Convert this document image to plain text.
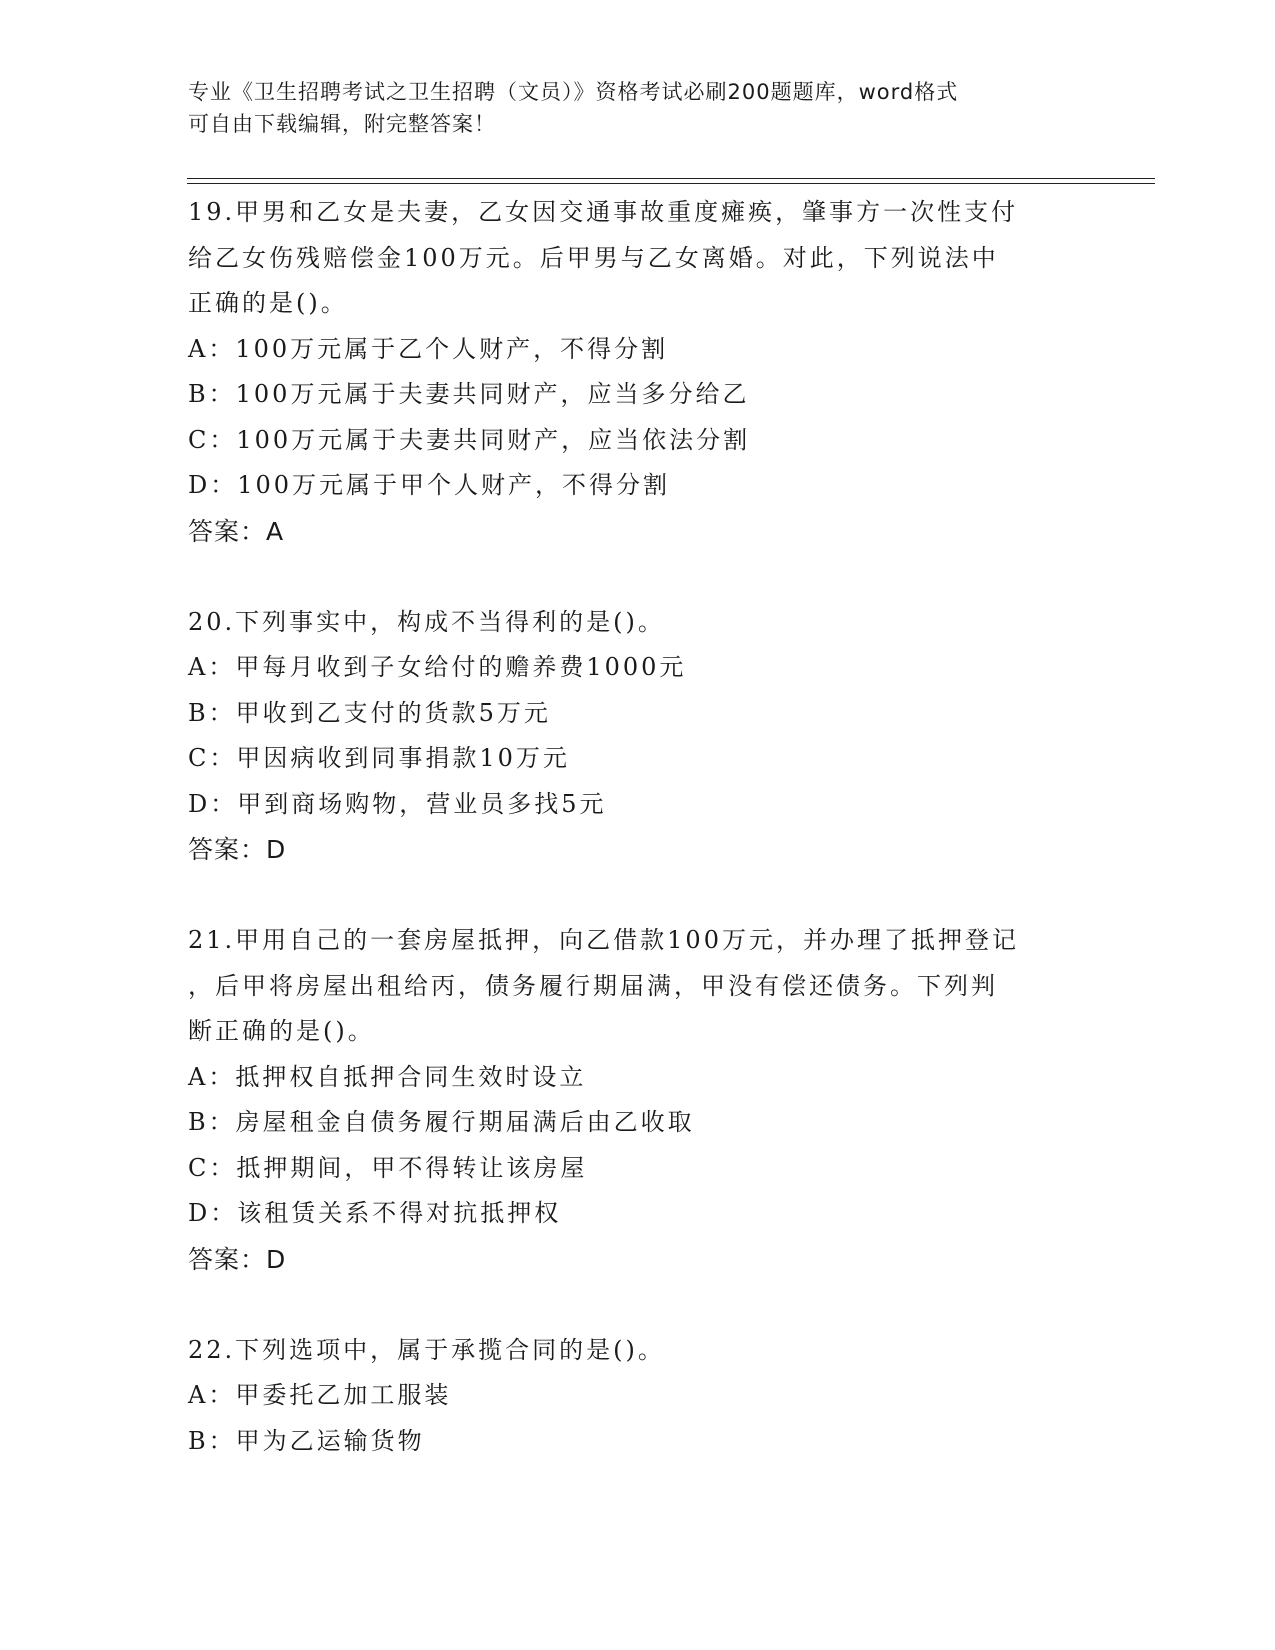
专业《卫生招聘考试之卫生招聘（文员）》资格考试必刷200题题库，word格式
可自由下载编辑，附完整答案！
19.甲男和乙女是夫妻，乙女因交通事故重度瘫痪，肇事方一次性支付
给乙女伤残赔偿金100万元。后甲男与乙女离婚。对此，下列说法中
正确的是()。
A：100万元属于乙个人财产，不得分割
B：100万元属于夫妻共同财产，应当多分给乙
C：100万元属于夫妻共同财产，应当依法分割
D：100万元属于甲个人财产，不得分割
答案：A
20.下列事实中，构成不当得利的是()。
A：甲每月收到子女给付的赡养费1000元
B：甲收到乙支付的货款5万元
C：甲因病收到同事捐款10万元
D：甲到商场购物，营业员多找5元
答案：D
21.甲用自己的一套房屋抵押，向乙借款100万元，并办理了抵押登记
，后甲将房屋出租给丙，债务履行期届满，甲没有偿还债务。下列判
断正确的是()。
A：抵押权自抵押合同生效时设立
B：房屋租金自债务履行期届满后由乙收取
C：抵押期间，甲不得转让该房屋
D：该租赁关系不得对抗抵押权
答案：D
22.下列选项中，属于承揽合同的是()。
A：甲委托乙加工服装
B：甲为乙运输货物
